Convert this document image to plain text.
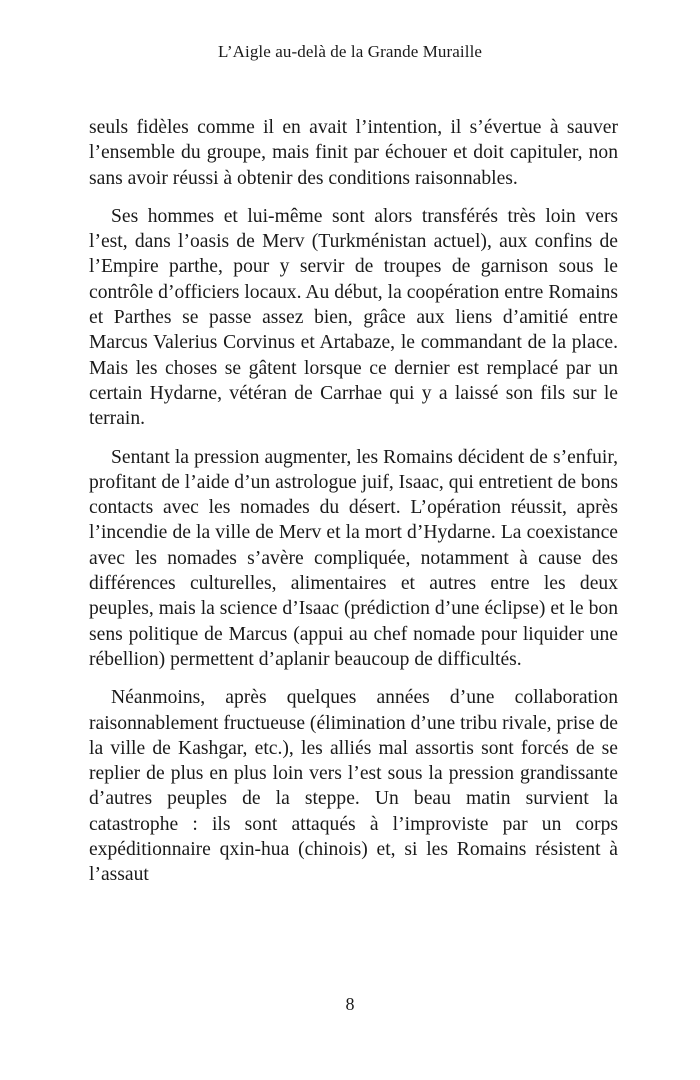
L’Aigle au-delà de la Grande Muraille

seuls fidèles comme il en avait l’intention, il s’évertue à sauver l’ensemble du groupe, mais finit par échouer et doit capituler, non sans avoir réussi à obtenir des conditions raisonnables.

Ses hommes et lui-même sont alors transférés très loin vers l’est, dans l’oasis de Merv (Turkménistan actuel), aux confins de l’Empire parthe, pour y servir de troupes de garnison sous le contrôle d’officiers locaux. Au début, la coopération entre Romains et Parthes se passe assez bien, grâce aux liens d’amitié entre Marcus Valerius Corvinus et Artabaze, le commandant de la place. Mais les choses se gâtent lorsque ce dernier est remplacé par un certain Hydarne, vétéran de Carrhae qui y a laissé son fils sur le terrain.

Sentant la pression augmenter, les Romains décident de s’enfuir, profitant de l’aide d’un astrologue juif, Isaac, qui entretient de bons contacts avec les nomades du désert. L’opération réussit, après l’incendie de la ville de Merv et la mort d’Hydarne. La coexistance avec les nomades s’avère compliquée, notamment à cause des différences culturelles, alimentaires et autres entre les deux peuples, mais la science d’Isaac (prédiction d’une éclipse) et le bon sens politique de Marcus (appui au chef nomade pour liquider une rébellion) permettent d’aplanir beaucoup de difficultés.

Néanmoins, après quelques années d’une collaboration raisonnablement fructueuse (élimination d’une tribu rivale, prise de la ville de Kashgar, etc.), les alliés mal assortis sont forcés de se replier de plus en plus loin vers l’est sous la pression grandissante d’autres peuples de la steppe. Un beau matin survient la catastrophe : ils sont attaqués à l’improviste par un corps expéditionnaire qxin-hua (chinois) et, si les Romains résistent à l’assaut

8
